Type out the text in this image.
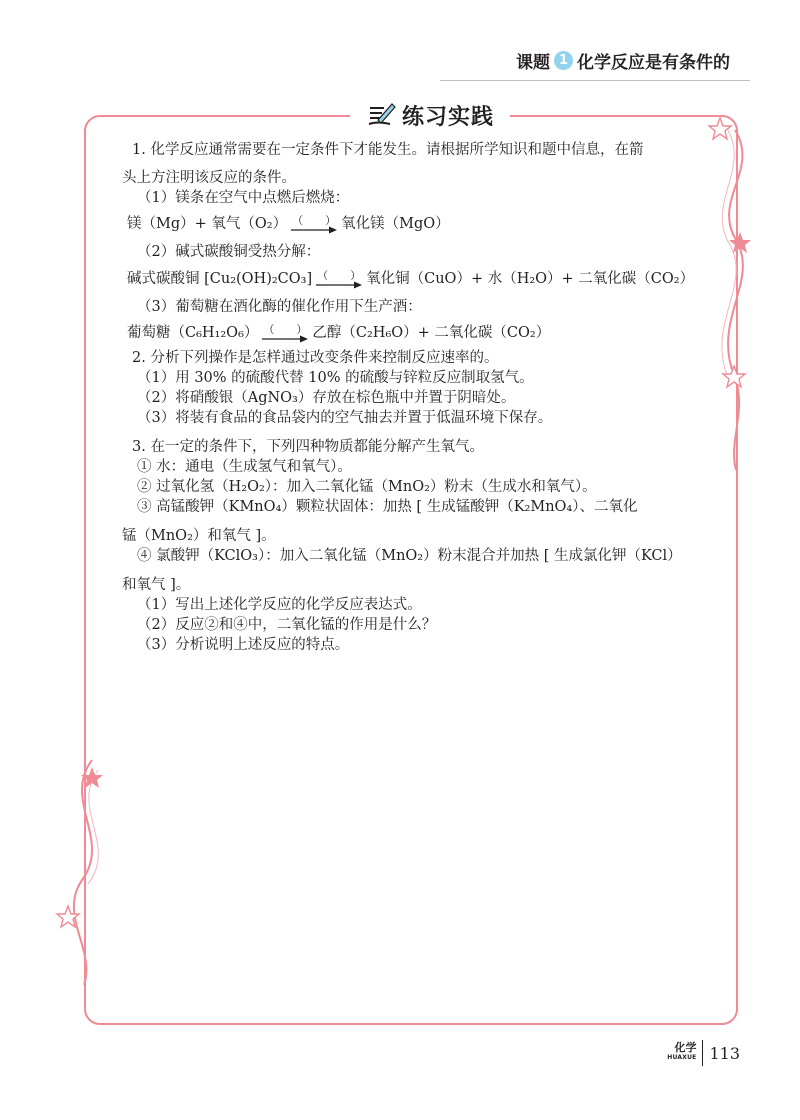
课题 1 化学反应是有条件的
练习实践

1. 化学反应通常需要在一定条件下才能发生。请根据所学知识和题中信息，在箭

头上方注明该反应的条件。

（1）镁条在空气中点燃后燃烧：

镁（Mg）+ 氧气（O₂） （　　） 氧化镁（MgO）

（2）碱式碳酸铜受热分解：

碱式碳酸铜 [Cu₂(OH)₂CO₃] （　　） 氧化铜（CuO）+ 水（H₂O）+ 二氧化碳（CO₂）

（3）葡萄糖在酒化酶的催化作用下生产酒：

葡萄糖（C₆H₁₂O₆） （　　） 乙醇（C₂H₆O）+ 二氧化碳（CO₂）

2. 分析下列操作是怎样通过改变条件来控制反应速率的。

（1）用 30% 的硫酸代替 10% 的硫酸与锌粒反应制取氢气。

（2）将硝酸银（AgNO₃）存放在棕色瓶中并置于阴暗处。

（3）将装有食品的食品袋内的空气抽去并置于低温环境下保存。

3. 在一定的条件下，下列四种物质都能分解产生氧气。

① 水：通电（生成氢气和氧气）。

② 过氧化氢（H₂O₂）：加入二氧化锰（MnO₂）粉末（生成水和氧气）。

③ 高锰酸钾（KMnO₄）颗粒状固体：加热 [ 生成锰酸钾（K₂MnO₄）、二氧化

锰（MnO₂）和氧气 ]。

④ 氯酸钾（KClO₃）：加入二氧化锰（MnO₂）粉末混合并加热 [ 生成氯化钾（KCl）

和氧气 ]。

（1）写出上述化学反应的化学反应表达式。

（2）反应②和④中，二氧化锰的作用是什么？

（3）分析说明上述反应的特点。

化学
HUAXUE 113
